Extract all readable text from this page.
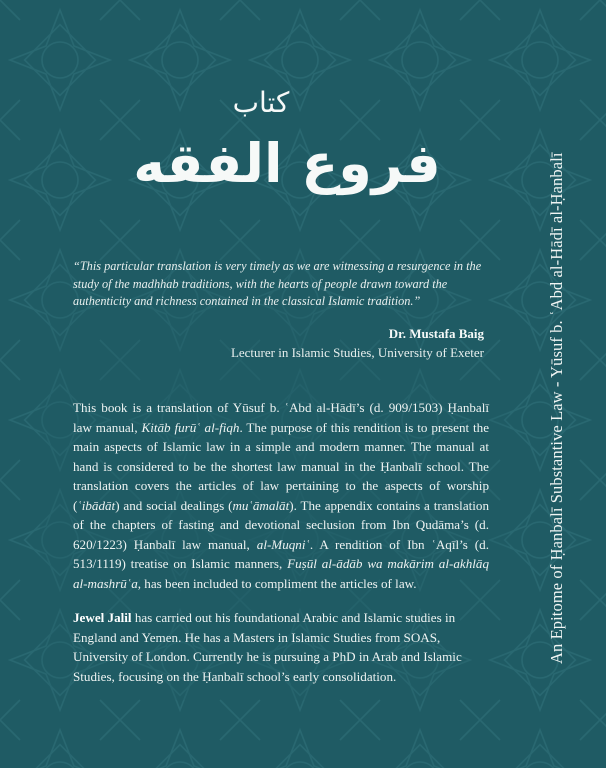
كتاب
فروع الفقه
“This particular translation is very timely as we are witnessing a resurgence in the study of the madhhab traditions, with the hearts of people drawn toward the authenticity and richness contained in the classical Islamic tradition.”
Dr. Mustafa Baig
Lecturer in Islamic Studies, University of Exeter
This book is a translation of Yūsuf b. ʿAbd al-Hādī’s (d. 909/1503) Ḥanbalī law manual, Kitāb furūʿ al-fiqh. The purpose of this rendition is to present the main aspects of Islamic law in a simple and modern manner. The manual at hand is considered to be the shortest law manual in the Ḥanbalī school. The translation covers the articles of law pertaining to the aspects of worship (ʿibādāt) and social dealings (muʿāmalāt). The appendix contains a translation of the chapters of fasting and devotional seclusion from Ibn Qudāma’s (d. 620/1223) Ḥanbalī law manual, al-Muqniʿ. A rendition of Ibn ʿAqīl’s (d. 513/1119) treatise on Islamic manners, Fuṣūl al-ādāb wa makārim al-akhlāq al-mashrūʿa, has been included to compliment the articles of law.
Jewel Jalil has carried out his foundational Arabic and Islamic studies in England and Yemen. He has a Masters in Islamic Studies from SOAS, University of London. Currently he is pursuing a PhD in Arab and Islamic Studies, focusing on the Ḥanbalī school’s early consolidation.
An Epitome of Ḥanbalī Substantive Law - Yūsuf b. ʿAbd al-Hādī al-Ḥanbalī
